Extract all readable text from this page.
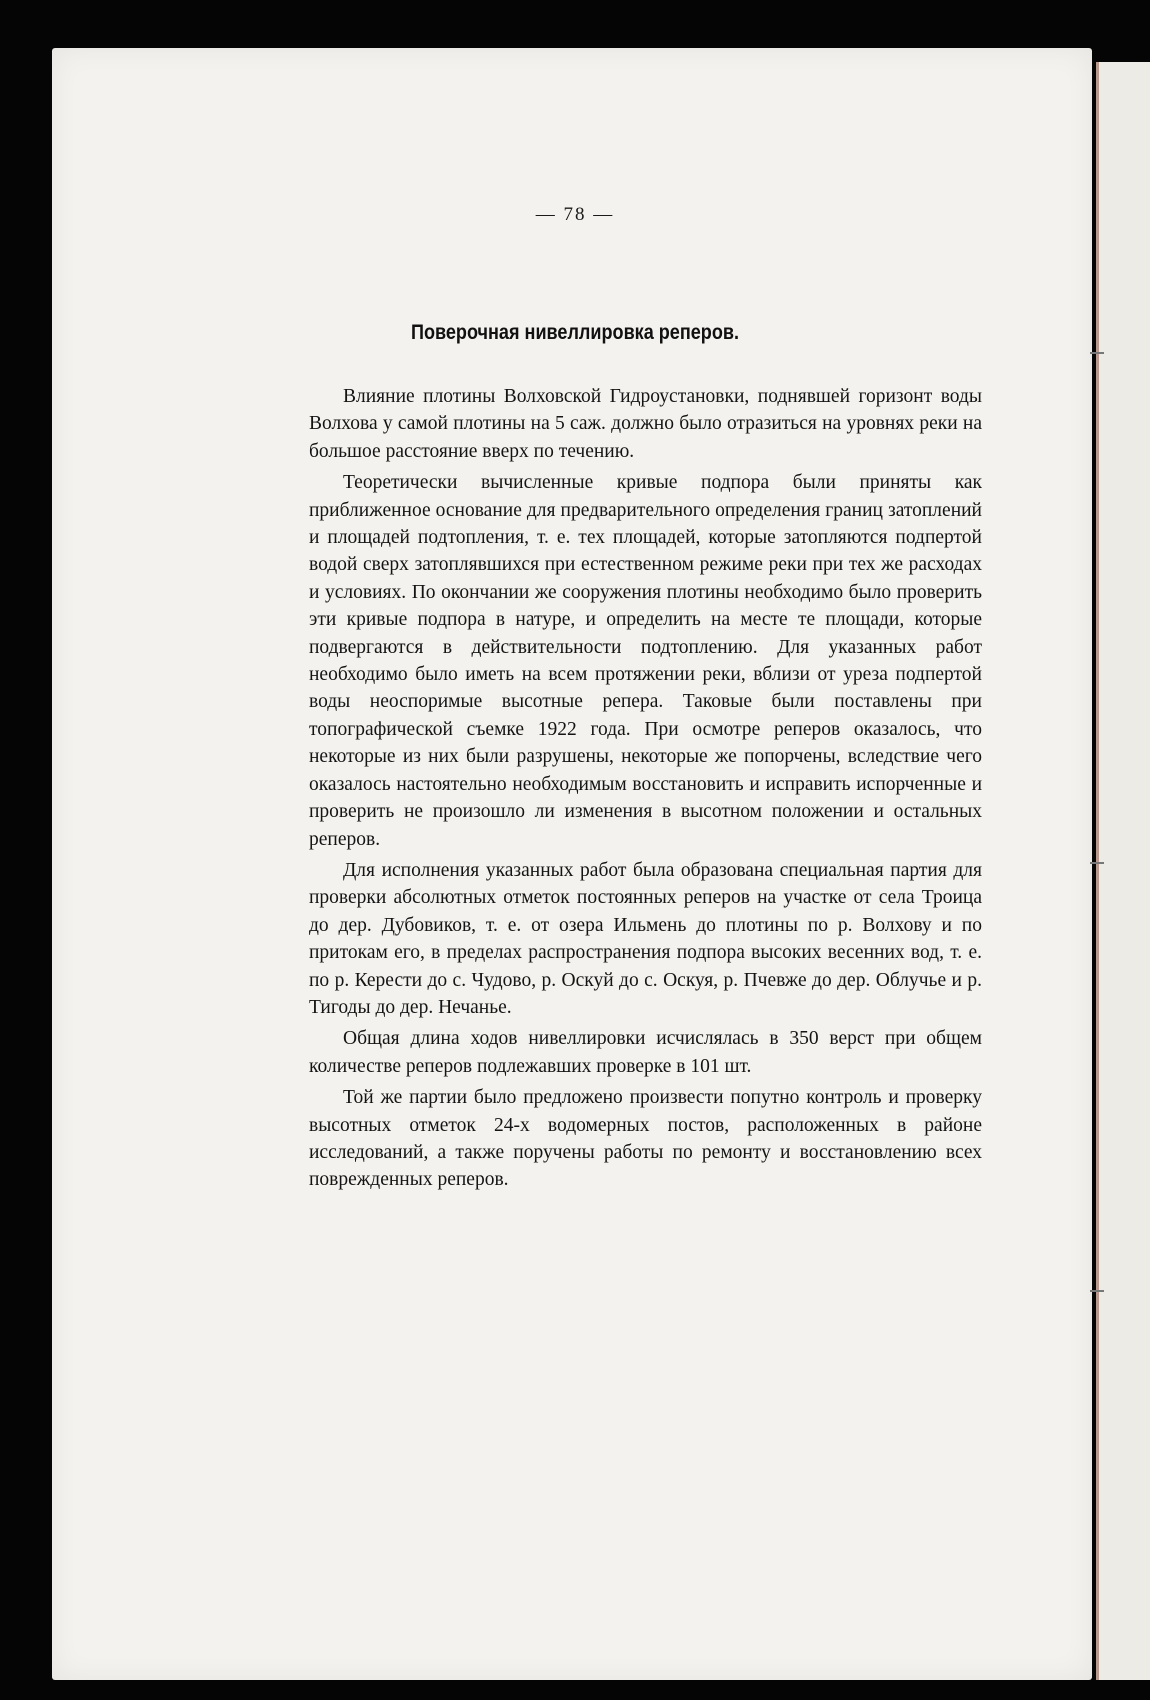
— 78 —
Поверочная нивеллировка реперов.

Влияние плотины Волховской Гидроустановки, поднявшей горизонт воды Волхова у самой плотины на 5 саж. должно было отразиться на уровнях реки на большое расстояние вверх по течению.

Теоретически вычисленные кривые подпора были приняты как приближенное основание для предварительного определения границ затоплений и площадей подтопления, т. е. тех площадей, которые затопляются подпертой водой сверх затоплявшихся при естественном режиме реки при тех же расходах и условиях. По окончании же сооружения плотины необходимо было проверить эти кривые подпора в натуре, и определить на месте те площади, которые подвергаются в действительности подтоплению. Для указанных работ необходимо было иметь на всем протяжении реки, вблизи от уреза подпертой воды неоспоримые высотные репера. Таковые были поставлены при топографической съемке 1922 года. При осмотре реперов оказалось, что некоторые из них были разрушены, некоторые же попорчены, вследствие чего оказалось настоятельно необходимым восстановить и исправить испорченные и проверить не произошло ли изменения в высотном положении и остальных реперов.

Для исполнения указанных работ была образована специальная партия для проверки абсолютных отметок постоянных реперов на участке от села Троица до дер. Дубовиков, т. е. от озера Ильмень до плотины по р. Волхову и по притокам его, в пределах распространения подпора высоких весенних вод, т. е. по р. Керести до с. Чудово, р. Оскуй до с. Оскуя, р. Пчевже до дер. Облучье и р. Тигоды до дер. Нечанье.

Общая длина ходов нивеллировки исчислялась в 350 верст при общем количестве реперов подлежавших проверке в 101 шт.

Той же партии было предложено произвести попутно контроль и проверку высотных отметок 24-х водомерных постов, расположенных в районе исследований, а также поручены работы по ремонту и восстановлению всех поврежденных реперов.
